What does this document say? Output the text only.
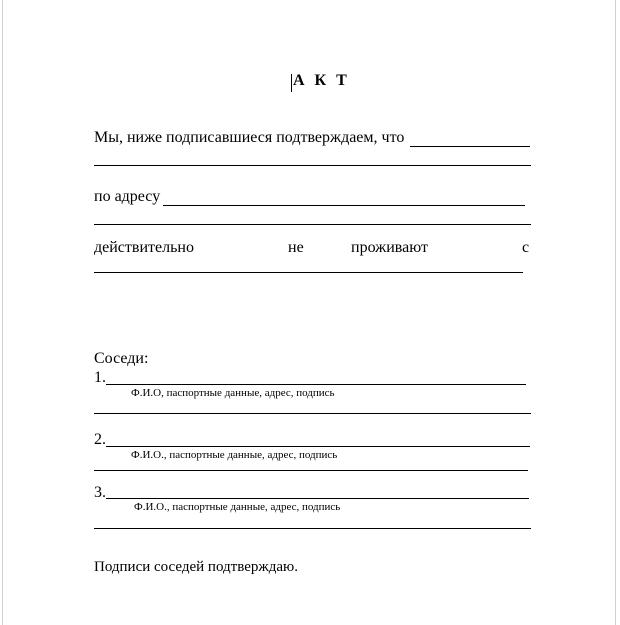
А К Т
Мы, ниже подписавшиеся подтверждаем, что
по адресу
действительно	не	проживают	с
Соседи:
1.
Ф.И.О, паспортные данные, адрес, подпись
2.
Ф.И.О., паспортные данные, адрес, подпись
3.
Ф.И.О., паспортные данные, адрес, подпись
Подписи соседей подтверждаю.
